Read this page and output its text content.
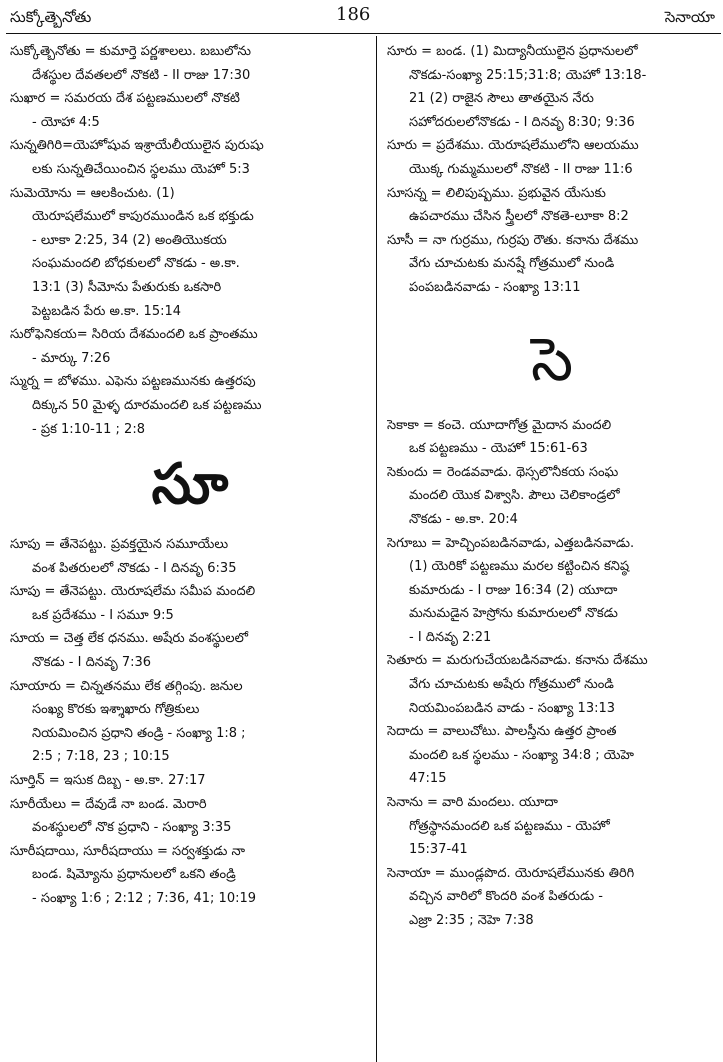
సుక్కోత్బెనోతు	186	సెనాయా
సుక్కోత్బెనోతు = కుమార్తె పర్ణశాలలు. బబులోను
దేశస్థుల దేవతలలో నొకటి - II రాజు 17:30
సుఖార = సమరయ దేశ పట్టణములలో నొకటి
- యోహా 4:5
సున్నతిగిరి=యెహోషువ ఇశ్రాయేలీయులైన పురుషు
లకు సున్నతిచేయించిన స్థలము యెహో 5:3
సుమెయోను = ఆలకించుట. (1)
యెరూషలేములో కాపురముండిన ఒక భక్తుడు
- లూకా 2:25, 34 (2) అంతియొకయ
సంఘమందలి బోధకులలో నొకడు - అ.కా.
13:1 (3) సీమోను పేతురుకు ఒకసారి
పెట్టబడిన పేరు అ.కా. 15:14
సురోఫెనికయ= సిరియ దేశమందలి ఒక ప్రాంతము
- మార్కు 7:26
స్ముర్న = బోళము. ఎఫెను పట్టణమునకు ఉత్తరపు
దిక్కున 50 మైళ్ళ దూరమందలి ఒక పట్టణము
- ప్రక 1:10-11 ; 2:8
సూ
సూపు = తేనెపట్టు. ప్రవక్తయైన సమూయేలు
వంశ పితరులలో నొకడు - I దినవృ 6:35
సూపు = తేనెపట్టు. యెరూషలేమ సమీప మందలి
ఒక ప్రదేశము - I సమూ 9:5
సూయ = చెత్త లేక ధనము. అషేరు వంశస్థులలో
నొకడు - I దినవృ 7:36
సూయారు = చిన్నతనము లేక తగ్గింపు. జనుల
సంఖ్య కొరకు ఇశ్శాఖారు గోత్రికులు
నియమించిన ప్రధాని తండ్రి - సంఖ్యా 1:8 ;
2:5 ; 7:18, 23 ; 10:15
సూర్తిన్ = ఇసుక దిబ్బ - అ.కా. 27:17
సూరీయేలు = దేవుడే నా బండ. మెరారి
వంశస్థులలో నొక ప్రధాని - సంఖ్యా 3:35
సూరీషదాయి, సూరీషదాయు = సర్వశక్తుడు నా
బండ. షిమ్యోను ప్రధానులలో ఒకని తండ్రి
- సంఖ్యా 1:6 ; 2:12 ; 7:36, 41; 10:19
సూరు = బండ. (1) మిద్యానీయులైన ప్రధానులలో
నొకడు-సంఖ్యా 25:15;31:8; యెహో 13:18-
21 (2) రాజైన సౌలు తాతయైన నేరు
సహోదరులలోనొకడు - I దినవృ 8:30; 9:36
సూరు = ప్రదేశము. యెరూషలేములోని ఆలయము
యొక్క గుమ్మములలో నొకటి - II రాజు 11:6
సూసన్న = లిలిపుష్పము. ప్రభువైన యేసుకు
ఉపచారము చేసిన స్త్రీలలో నొకతె-లూకా 8:2
సూసీ = నా గుర్రము, గుర్రపు రౌతు. కనాను దేశము
వేగు చూచుటకు మనష్షే గోత్రములో నుండి
పంపబడినవాడు - సంఖ్యా 13:11
సె
సెకాకా = కంచె. యూదాగోత్ర మైదాన మందలి
ఒక పట్టణము - యెహో 15:61-63
సెకుందు = రెండవవాడు. థెస్సలొనీకయ సంఘ
మందలి యొక విశ్వాసి. పౌలు చెలికాండ్రలో
నొకడు - అ.కా. 20:4
సెగూబు = హెచ్చింపబడినవాడు, ఎత్తబడినవాడు.
(1) యెరికో పట్టణము మరల కట్టించిన కనిష్ఠ
కుమారుడు - I రాజు 16:34 (2) యూదా
మనుమడైన హెస్రోను కుమారులలో నొకడు
- I దినవృ 2:21
సెతూరు = మరుగుచేయబడినవాడు. కనాను దేశము
వేగు చూచుటకు అషేరు గోత్రములో నుండి
నియమింపబడిన వాడు - సంఖ్యా 13:13
సెదాదు = వాలుచోటు. పాలస్తీను ఉత్తర ప్రాంత
మందలి ఒక స్థలము - సంఖ్యా 34:8 ; యెహె
47:15
సెనాను = వారి మందలు. యూదా
గోత్రస్థానమందలి ఒక పట్టణము - యెహో
15:37-41
సెనాయా = ముండ్లపొద. యెరూషలేమునకు తిరిగి
వచ్చిన వారిలో కొందరి వంశ పితరుడు -
ఎజ్రా 2:35 ; నెహె 7:38
